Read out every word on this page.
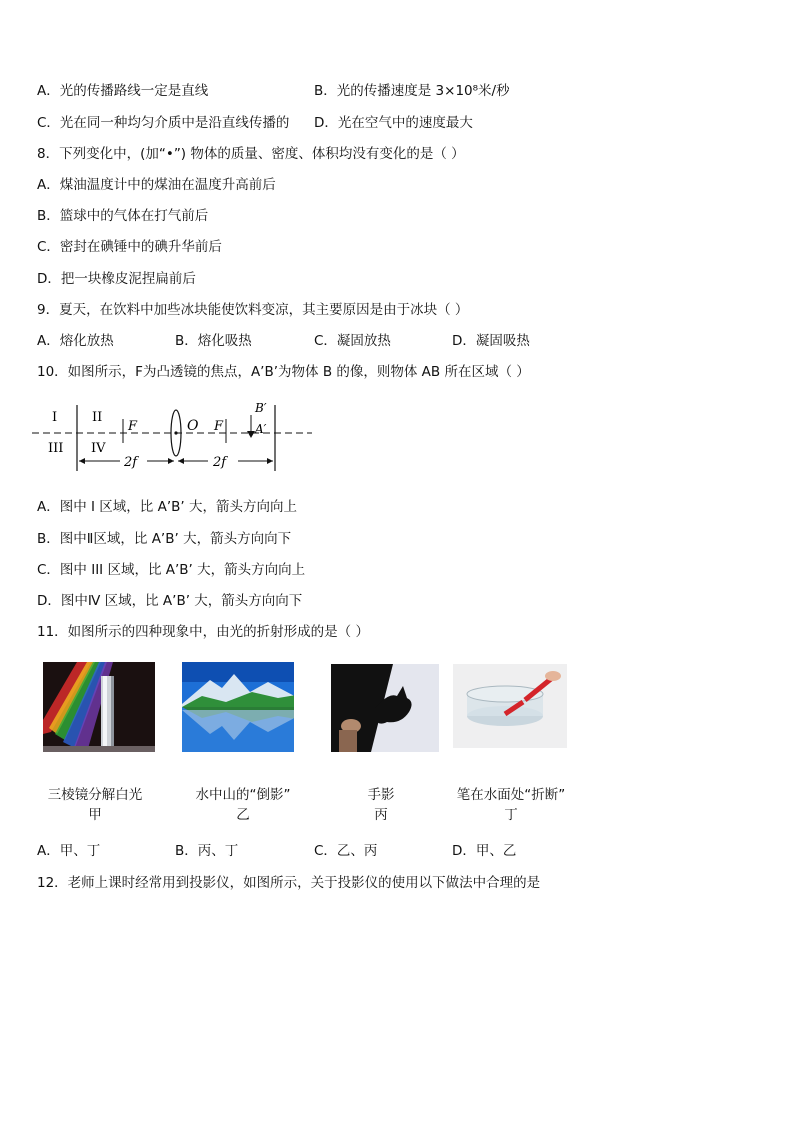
A．光的传播路线一定是直线	B．光的传播速度是 3×10⁸米/秒
C．光在同一种均匀介质中是沿直线传播的 D．光在空气中的速度最大
8．下列变化中，(加“•”) 物体的质量、密度、体积均没有变化的是（ ）
A．煤油温度计中的煤油在温度升高前后
B．篮球中的气体在打气前后
C．密封在碘锤中的碘升华前后
D．把一块橡皮泥捏扁前后
9．夏天，在饮料中加些冰块能使饮料变凉，其主要原因是由于冰块（ ）
A．熔化放热	B．熔化吸热	C．凝固放热	D．凝固吸热
10．如图所示，F为凸透镜的焦点，A’B’为物体 B 的像，则物体 AB 所在区域（ ）
I	II
III IV
F	O F
B′
A′
2f	2f
A．图中 I 区域，比 A’B’ 大，箭头方向向上
B．图中Ⅱ区域，比 A’B’ 大，箭头方向向下
C．图中 III 区域，比 A’B’ 大，箭头方向向上
D．图中Ⅳ 区域，比 A’B’ 大，箭头方向向下
11．如图所示的四种现象中，由光的折射形成的是（ ）
三棱镜分解白光
甲
水中山的“倒影”
乙
手影
丙
笔在水面处“折断”
丁
A．甲、丁	B．丙、丁	C．乙、丙	D．甲、乙
12．老师上课时经常用到投影仪，如图所示，关于投影仪的使用以下做法中合理的是
